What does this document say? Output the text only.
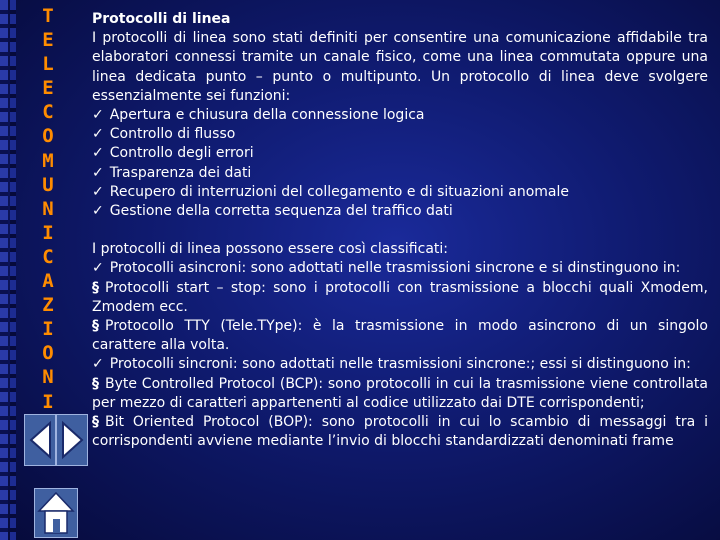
T
E
L
E
C
O
M
U
N
I
C
A
Z
I
O
N
I

Protocolli di linea

I protocolli di linea sono stati definiti per consentire una comunicazione affidabile tra elaboratori connessi tramite un canale fisico, come una linea commutata oppure una linea dedicata punto – punto o multipunto. Un protocollo di linea deve svolgere essenzialmente sei funzioni:

✓ Apertura e chiusura della connessione logica

✓ Controllo di flusso

✓ Controllo degli errori

✓ Trasparenza dei dati

✓ Recupero di interruzioni del collegamento e di situazioni anomale

✓ Gestione della corretta sequenza del traffico dati

I protocolli di linea possono essere così classificati:

✓ Protocolli asincroni: sono adottati nelle trasmissioni sincrone e si dinstinguono in:

§ Protocolli start – stop: sono i protocolli con trasmissione a blocchi quali Xmodem, Zmodem ecc.

§ Protocollo TTY (Tele.TYpe): è la trasmissione in modo asincrono di un singolo carattere alla volta.

✓ Protocolli sincroni: sono adottati nelle trasmissioni sincrone:; essi si distinguono in:

§ Byte Controlled Protocol (BCP): sono protocolli in cui la trasmissione viene controllata per mezzo di caratteri appartenenti al codice utilizzato dai DTE corrispondenti;

§ Bit Oriented Protocol (BOP): sono protocolli in cui lo scambio di messaggi tra i corrispondenti avviene mediante l’invio di blocchi standardizzati denominati frame
